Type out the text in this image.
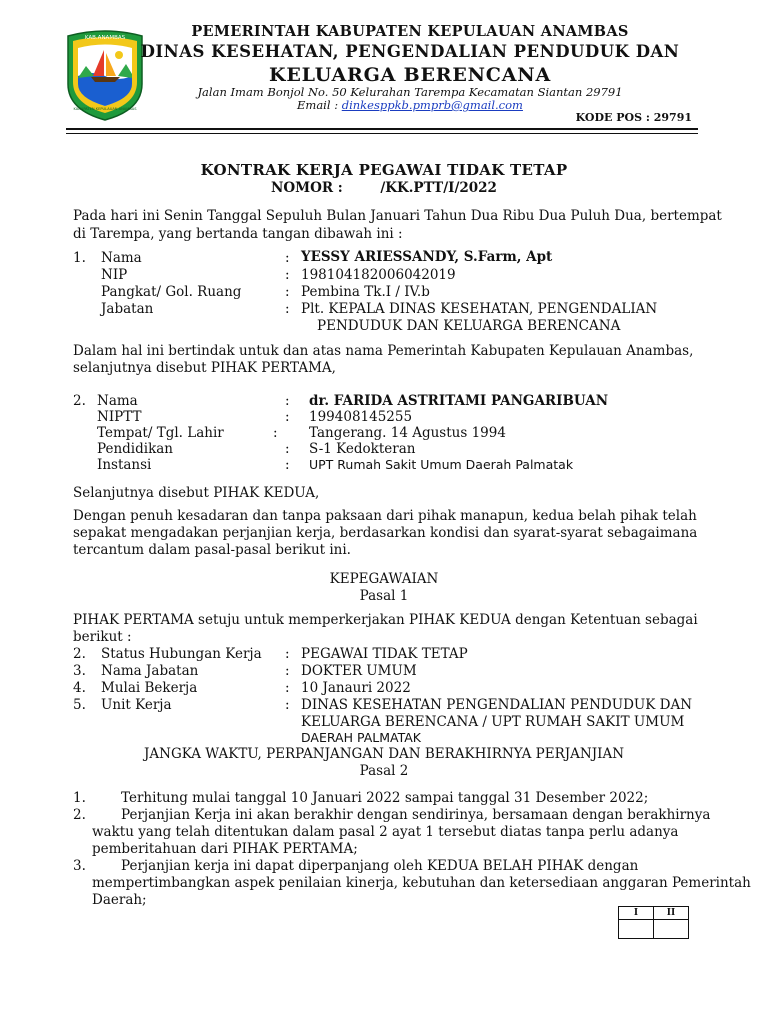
KAB.ANAMBAS
KABUPATEN KEPULAUAN ANAMBAS
PEMERINTAH KABUPATEN KEPULAUAN ANAMBAS
DINAS KESEHATAN, PENGENDALIAN PENDUDUK DAN
KELUARGA BERENCANA
Jalan Imam Bonjol No. 50 Kelurahan Tarempa Kecamatan Siantan 29791
Email : dinkesppkb.pmprb@gmail.com
KODE POS : 29791
KONTRAK KERJA PEGAWAI TIDAK TETAP
NOMOR :        /KK.PTT/I/2022
Pada hari ini Senin Tanggal Sepuluh Bulan Januari Tahun Dua Ribu Dua Puluh Dua, bertempat
di Tarempa, yang bertanda tangan dibawah ini :
1. Nama	: YESSY ARIESSANDY, S.Farm, Apt
NIP	: 198104182006042019
Pangkat/ Gol. Ruang	: Pembina Tk.I / IV.b
Jabatan	: Plt. KEPALA DINAS KESEHATAN, PENGENDALIAN
PENDUDUK DAN KELUARGA BERENCANA
Dalam hal ini bertindak untuk dan atas nama Pemerintah Kabupaten Kepulauan Anambas,
selanjutnya disebut PIHAK PERTAMA,
2. Nama	: dr. FARIDA ASTRITAMI PANGARIBUAN
NIPTT	: 199408145255
Tempat/ Tgl. Lahir	: Tangerang. 14 Agustus 1994
Pendidikan	: S-1 Kedokteran
Instansi	: UPT Rumah Sakit Umum Daerah Palmatak
Selanjutnya disebut PIHAK KEDUA,
Dengan penuh kesadaran dan tanpa paksaan dari pihak manapun, kedua belah pihak telah
sepakat mengadakan perjanjian kerja, berdasarkan kondisi dan syarat-syarat sebagaimana
tercantum dalam pasal-pasal berikut ini.
KEPEGAWAIAN
Pasal 1
PIHAK PERTAMA setuju untuk memperkerjakan PIHAK KEDUA dengan Ketentuan sebagai
berikut :
2. Status Hubungan Kerja : PEGAWAI TIDAK TETAP
3. Nama Jabatan	: DOKTER UMUM
4. Mulai Bekerja	: 10 Janauri 2022
5. Unit Kerja	: DINAS KESEHATAN PENGENDALIAN PENDUDUK DAN
KELUARGA BERENCANA / UPT RUMAH SAKIT UMUM
DAERAH PALMATAK
JANGKA WAKTU, PERPANJANGAN DAN BERAKHIRNYA PERJANJIAN
Pasal 2
1.	Terhitung mulai tanggal 10 Januari 2022 sampai tanggal 31 Desember 2022;
2.	Perjanjian Kerja ini akan berakhir dengan sendirinya, bersamaan dengan berakhirnya
waktu yang telah ditentukan dalam pasal 2 ayat 1 tersebut diatas tanpa perlu adanya
pemberitahuan dari PIHAK PERTAMA;
3.	Perjanjian kerja ini dapat diperpanjang oleh KEDUA BELAH PIHAK dengan
mempertimbangkan aspek penilaian kinerja, kebutuhan dan ketersediaan anggaran Pemerintah
Daerah;
I	II
